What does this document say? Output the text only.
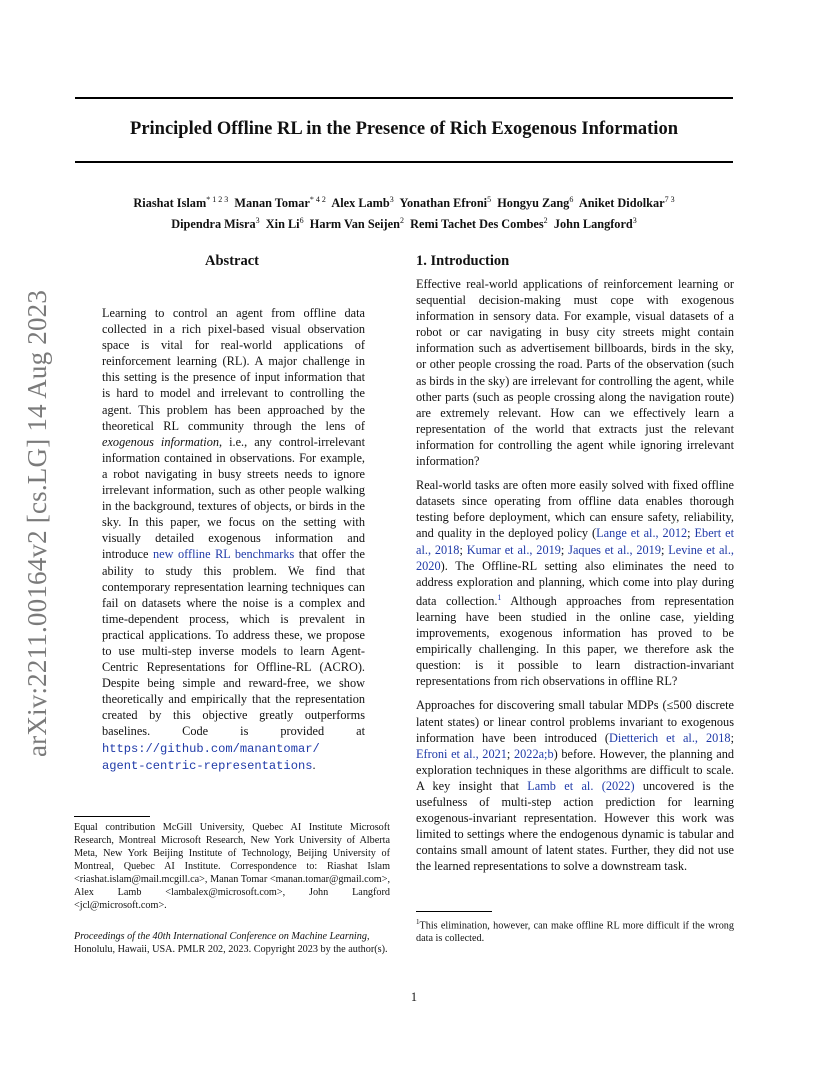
Principled Offline RL in the Presence of Rich Exogenous Information
Riashat Islam$^{* 1 2 3}$ Manan Tomar$^{* 4 2}$ Alex Lamb$^3$ Yonathan Efroni$^5$ Hongyu Zang$^6$ Aniket Didolkar$^{7 3}$
Dipendra Misra$^3$ Xin Li$^6$ Harm Van Seijen$^2$ Remi Tachet Des Combes$^2$ John Langford$^3$
arXiv:2211.00164v2 [cs.LG] 14 Aug 2023
Abstract
Learning to control an agent from offline data collected in a rich pixel-based visual observation space is vital for real-world applications of reinforcement learning (RL). A major challenge in this setting is the presence of input information that is hard to model and irrelevant to controlling the agent. This problem has been approached by the theoretical RL community through the lens of exogenous information, i.e., any control-irrelevant information contained in observations. For example, a robot navigating in busy streets needs to ignore irrelevant information, such as other people walking in the background, textures of objects, or birds in the sky. In this paper, we focus on the setting with visually detailed exogenous information and introduce new offline RL benchmarks that offer the ability to study this problem. We find that contemporary representation learning techniques can fail on datasets where the noise is a complex and time-dependent process, which is prevalent in practical applications. To address these, we propose to use multi-step inverse models to learn Agent-Centric Representations for Offline-RL (ACRO). Despite being simple and reward-free, we show theoretically and empirically that the representation created by this objective greatly outperforms baselines. Code is provided at https://github.com/manantomar/
agent-centric-representations.
1. Introduction

Effective real-world applications of reinforcement learning or sequential decision-making must cope with exogenous information in sensory data. For example, visual datasets of a robot or car navigating in busy city streets might contain information such as advertisement billboards, birds in the sky, or other people crossing the road. Parts of the observation (such as birds in the sky) are irrelevant for controlling the agent, while other parts (such as people crossing along the navigation route) are extremely relevant. How can we effectively learn a representation of the world that extracts just the relevant information for controlling the agent while ignoring irrelevant information?

Real-world tasks are often more easily solved with fixed offline datasets since operating from offline data enables thorough testing before deployment, which can ensure safety, reliability, and quality in the deployed policy (Lange et al., 2012; Ebert et al., 2018; Kumar et al., 2019; Jaques et al., 2019; Levine et al., 2020). The Offline-RL setting also eliminates the need to address exploration and planning, which come into play during data collection.$^1$ Although approaches from representation learning have been studied in the online case, yielding improvements, exogenous information has proved to be empirically challenging. In this paper, we therefore ask the question: is it possible to learn distraction-invariant representations from rich observations in offline RL?

Approaches for discovering small tabular MDPs (≤500 discrete latent states) or linear control problems invariant to exogenous information have been introduced (Dietterich et al., 2018; Efroni et al., 2021; 2022a;b) before. However, the planning and exploration techniques in these algorithms are difficult to scale. A key insight that Lamb et al. (2022) uncovered is the usefulness of multi-step action prediction for learning exogenous-invariant representation. However this work was limited to settings where the endogenous dynamic is tabular and contains small amount of latent states. Further, they did not use the learned representations to solve a downstream task.

Equal contribution McGill University, Quebec AI Institute Microsoft Research, Montreal Microsoft Research, New York University of Alberta Meta, New York Beijing Institute of Technology, Beijing University of Montreal, Quebec AI Institute. Correspondence to: Riashat Islam <riashat.islam@mail.mcgill.ca>, Manan Tomar <manan.tomar@gmail.com>, Alex Lamb <lambalex@microsoft.com>, John Langford <jcl@microsoft.com>.
Proceedings of the 40th International Conference on Machine Learning, Honolulu, Hawaii, USA. PMLR 202, 2023. Copyright 2023 by the author(s).
$^1$This elimination, however, can make offline RL more difficult if the wrong data is collected.
1
